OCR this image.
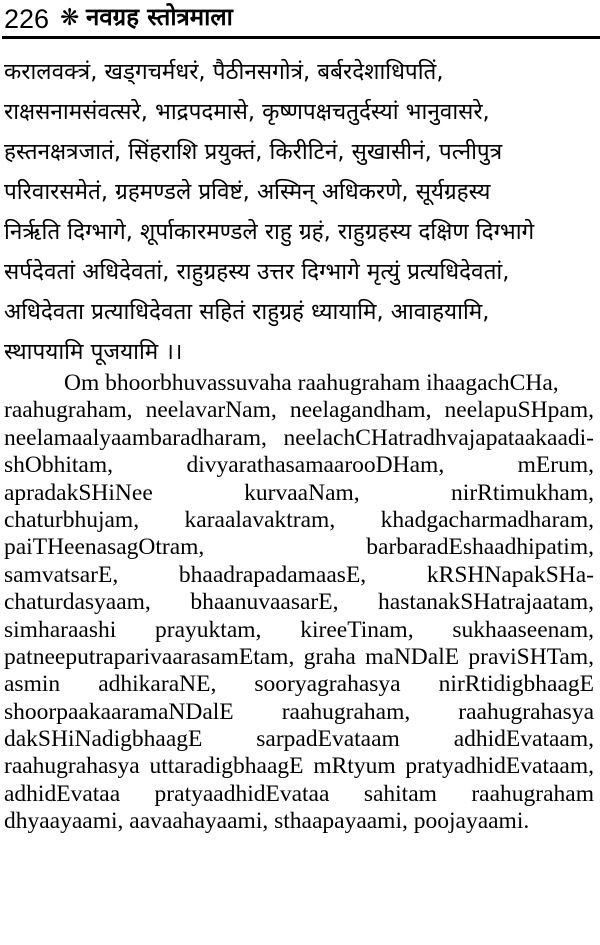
226 ❋ नवग्रह स्तोत्रमाला
करालवक्त्रं, खड्गचर्मधरं, पैठीनसगोत्रं, बर्बरदेशाधिपतिं,
राक्षसनामसंवत्सरे, भाद्रपदमासे, कृष्णपक्षचतुर्दस्यां भानुवासरे,
हस्तनक्षत्रजातं, सिंहराशि प्रयुक्तं, किरीटिनं, सुखासीनं, पत्नीपुत्र
परिवारसमेतं, ग्रहमण्डले प्रविष्टं, अस्मिन् अधिकरणे, सूर्यग्रहस्य
निर्ऋति दिग्भागे, शूर्पाकारमण्डले राहु ग्रहं, राहुग्रहस्य दक्षिण दिग्भागे
सर्पदेवतां अधिदेवतां, राहुग्रहस्य उत्तर दिग्भागे मृत्युं प्रत्यधिदेवतां,
अधिदेवता प्रत्याधिदेवता सहितं राहुग्रहं ध्यायामि, आवाहयामि,
स्थापयामि पूजयामि ।।
Om bhoorbhuvassuvaha raahugraham ihaagachCHa,
raahugraham, neelavarNam, neelagandham, neelapuSHpam,
neelamaalyaambaradharam, neelachCHatradhvajapataakaadi-
shObhitam, divyarathasamaarooDHam, mErum,
apradakSHiNee kurvaaNam, nirRtimukham,
chaturbhujam, karaalavaktram, khadgacharmadharam,
paiTHeenasagOtram, barbaradEshaadhipatim,
samvatsarE, bhaadrapadamaasE, kRSHNapakSHa-
chaturdasyaam, bhaanuvaasarE, hastanakSHatrajaatam,
simharaashi prayuktam, kireeTinam, sukhaaseenam,
patneeputraparivaarasamEtam, graha maNDalE praviSHTam,
asmin adhikaraNE, sooryagrahasya nirRtidigbhaagE
shoorpaakaaramaNDalE raahugraham, raahugrahasya
dakSHiNadigbhaagE sarpadEvataam adhidEvataam,
raahugrahasya uttaradigbhaagE mRtyum pratyadhidEvataam,
adhidEvataa pratyaadhidEvataa sahitam raahugraham
dhyaayaami, aavaahayaami, sthaapayaami, poojayaami.
